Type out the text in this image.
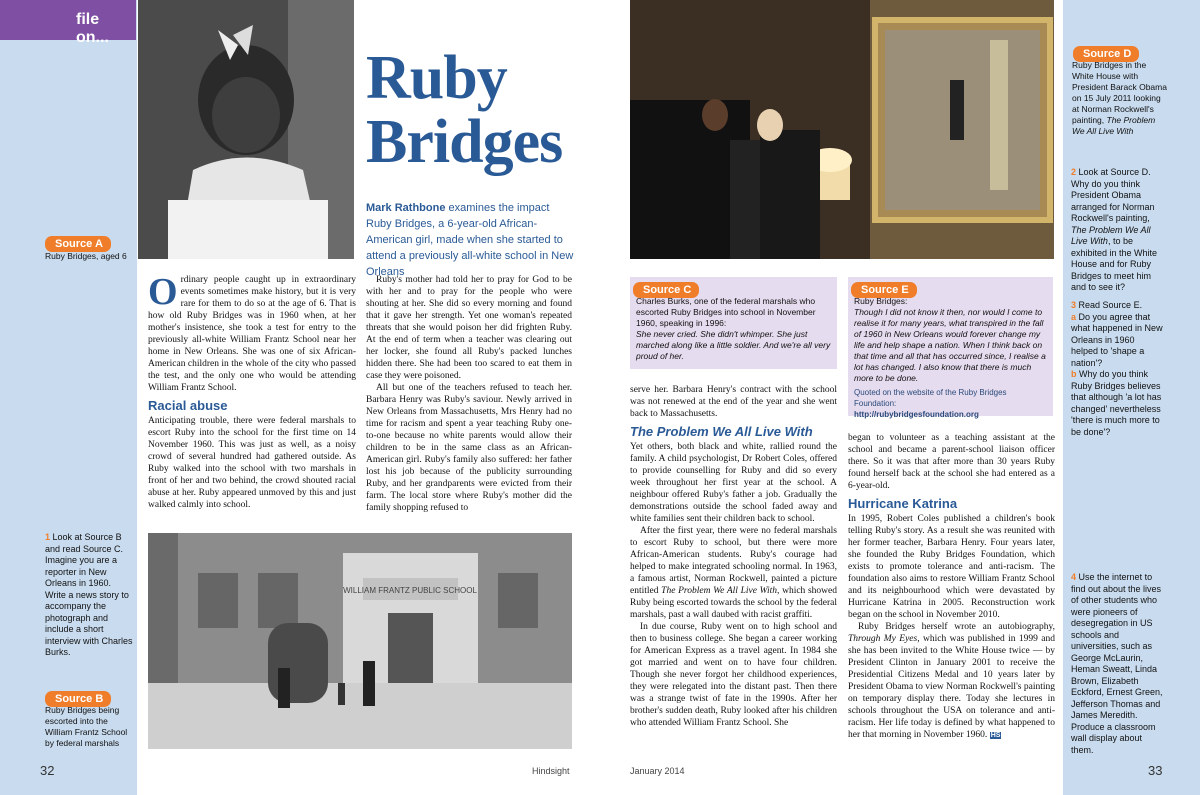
file on...
Source A
Ruby Bridges, aged 6
1 Look at Source B and read Source C. Imagine you are a reporter in New Orleans in 1960. Write a news story to accompany the photograph and include a short interview with Charles Burks.
Source B
Ruby Bridges being escorted into the William Frantz School by federal marshals
Ruby
Bridges
Mark Rathbone examines the impact Ruby Bridges, a 6-year-old African-American girl, made when she started to attend a previously all-white school in New Orleans

Ordinary people caught up in extraordinary events sometimes make history, but it is very rare for them to do so at the age of 6. That is how old Ruby Bridges was in 1960 when, at her mother's insistence, she took a test for entry to the previously all-white William Frantz School near her home in New Orleans. She was one of six African-American children in the whole of the city who passed the test, and the only one who would be attending William Frantz School.

Racial abuse

Anticipating trouble, there were federal marshals to escort Ruby into the school for the first time on 14 November 1960. This was just as well, as a noisy crowd of several hundred had gathered outside. As Ruby walked into the school with two marshals in front of her and two behind, the crowd shouted racial abuse at her. Ruby appeared unmoved by this and just walked calmly into school.

Ruby's mother had told her to pray for God to be with her and to pray for the people who were shouting at her. She did so every morning and found that it gave her strength. Yet one woman's repeated threats that she would poison her did frighten Ruby. At the end of term when a teacher was clearing out her locker, she found all Ruby's packed lunches hidden there. She had been too scared to eat them in case they were poisoned.

All but one of the teachers refused to teach her. Barbara Henry was Ruby's saviour. Newly arrived in New Orleans from Massachusetts, Mrs Henry had no time for racism and spent a year teaching Ruby one-to-one because no white parents would allow their children to be in the same class as an African-American girl. Ruby's family also suffered: her father lost his job because of the publicity surrounding Ruby, and her grandparents were evicted from their farm. The local store where Ruby's mother did the family shopping refused to

WILLIAM FRANTZ PUBLIC SCHOOL
32	Hindsight
Source D
Ruby Bridges in the White House with President Barack Obama on 15 July 2011 looking at Norman Rockwell's painting, The Problem We All Live With
2 Look at Source D. Why do you think President Obama arranged for Norman Rockwell's painting, The Problem We All Live With, to be exhibited in the White House and for Ruby Bridges to meet him and to see it?
3 Read Source E.
a Do you agree that what happened in New Orleans in 1960 helped to 'shape a nation'?
b Why do you think Ruby Bridges believes that although 'a lot has changed' nevertheless 'there is much more to be done'?
4 Use the internet to find out about the lives of other students who were pioneers of desegregation in US schools and universities, such as George McLaurin, Heman Sweatt, Linda Brown, Elizabeth Eckford, Ernest Green, Jefferson Thomas and James Meredith. Produce a classroom wall display about them.
Source C
Charles Burks, one of the federal marshals who escorted Ruby Bridges into school in November 1960, speaking in 1996:
She never cried. She didn't whimper. She just marched along like a little soldier. And we're all very proud of her.
Source E
Ruby Bridges:
Though I did not know it then, nor would I come to realise it for many years, what transpired in the fall of 1960 in New Orleans would forever change my life and help shape a nation. When I think back on that time and all that has occurred since, I realise a lot has changed. I also know that there is much more to be done.
Quoted on the website of the Ruby Bridges Foundation:
http://rubybridgesfoundation.org

serve her. Barbara Henry's contract with the school was not renewed at the end of the year and she went back to Massachusetts.

The Problem We All Live With

Yet others, both black and white, rallied round the family. A child psychologist, Dr Robert Coles, offered to provide counselling for Ruby and did so every week throughout her first year at the school. A neighbour offered Ruby's father a job. Gradually the demonstrations outside the school faded away and white families sent their children back to school.

After the first year, there were no federal marshals to escort Ruby to school, but there were more African-American students. Ruby's courage had helped to make integrated schooling normal. In 1963, a famous artist, Norman Rockwell, painted a picture entitled The Problem We All Live With, which showed Ruby being escorted towards the school by the federal marshals, past a wall daubed with racist graffiti.

In due course, Ruby went on to high school and then to business college. She began a career working for American Express as a travel agent. In 1984 she got married and went on to have four children. Though she never forgot her childhood experiences, they were relegated into the distant past. Then there was a strange twist of fate in the 1990s. After her brother's sudden death, Ruby looked after his children who attended William Frantz School. She

began to volunteer as a teaching assistant at the school and became a parent-school liaison officer there. So it was that after more than 30 years Ruby found herself back at the school she had entered as a 6-year-old.

Hurricane Katrina

In 1995, Robert Coles published a children's book telling Ruby's story. As a result she was reunited with her former teacher, Barbara Henry. Four years later, she founded the Ruby Bridges Foundation, which exists to promote tolerance and anti-racism. The foundation also aims to restore William Frantz School and its neighbourhood which were devastated by Hurricane Katrina in 2005. Reconstruction work began on the school in November 2010.

Ruby Bridges herself wrote an autobiography, Through My Eyes, which was published in 1999 and she has been invited to the White House twice — by President Clinton in January 2001 to receive the Presidential Citizens Medal and 10 years later by President Obama to view Norman Rockwell's painting on temporary display there. Today she lectures in schools throughout the USA on tolerance and anti-racism. Her life today is defined by what happened to her that morning in November 1960. HS

January 2014	33
